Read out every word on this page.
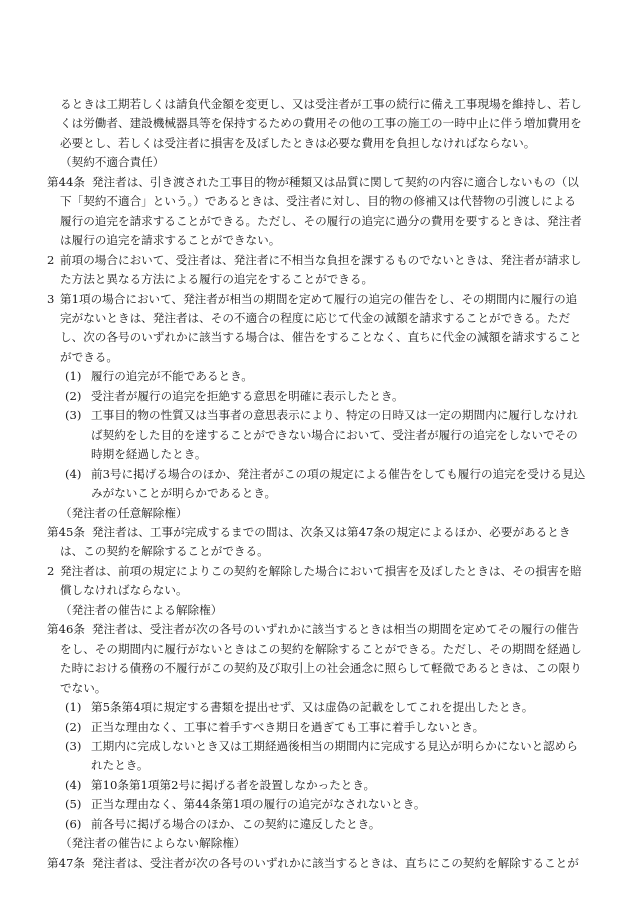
るときは工期若しくは請負代金額を変更し、又は受注者が工事の続行に備え工事現場を維持し、若しくは労働者、建設機械器具等を保持するための費用その他の工事の施工の一時中止に伴う増加費用を必要とし、若しくは受注者に損害を及ぼしたときは必要な費用を負担しなければならない。

（契約不適合責任）

第44条 発注者は、引き渡された工事目的物が種類又は品質に関して契約の内容に適合しないもの（以下「契約不適合」という。）であるときは、受注者に対し、目的物の修補又は代替物の引渡しによる履行の追完を請求することができる。ただし、その履行の追完に過分の費用を要するときは、発注者は履行の追完を請求することができない。

2 前項の場合において、受注者は、発注者に不相当な負担を課するものでないときは、発注者が請求した方法と異なる方法による履行の追完をすることができる。

3 第1項の場合において、発注者が相当の期間を定めて履行の追完の催告をし、その期間内に履行の追完がないときは、発注者は、その不適合の程度に応じて代金の減額を請求することができる。ただし、次の各号のいずれかに該当する場合は、催告をすることなく、直ちに代金の減額を請求することができる。

(1) 履行の追完が不能であるとき。

(2) 受注者が履行の追完を拒絶する意思を明確に表示したとき。

(3) 工事目的物の性質又は当事者の意思表示により、特定の日時又は一定の期間内に履行しなければ契約をした目的を達することができない場合において、受注者が履行の追完をしないでその時期を経過したとき。

(4) 前3号に掲げる場合のほか、発注者がこの項の規定による催告をしても履行の追完を受ける見込みがないことが明らかであるとき。

（発注者の任意解除権）

第45条 発注者は、工事が完成するまでの間は、次条又は第47条の規定によるほか、必要があるときは、この契約を解除することができる。

2 発注者は、前項の規定によりこの契約を解除した場合において損害を及ぼしたときは、その損害を賠償しなければならない。

（発注者の催告による解除権）

第46条 発注者は、受注者が次の各号のいずれかに該当するときは相当の期間を定めてその履行の催告をし、その期間内に履行がないときはこの契約を解除することができる。ただし、その期間を経過した時における債務の不履行がこの契約及び取引上の社会通念に照らして軽微であるときは、この限りでない。

(1) 第5条第4項に規定する書類を提出せず、又は虚偽の記載をしてこれを提出したとき。

(2) 正当な理由なく、工事に着手すべき期日を過ぎても工事に着手しないとき。

(3) 工期内に完成しないとき又は工期経過後相当の期間内に完成する見込が明らかにないと認められたとき。

(4) 第10条第1項第2号に掲げる者を設置しなかったとき。

(5) 正当な理由なく、第44条第1項の履行の追完がなされないとき。

(6) 前各号に掲げる場合のほか、この契約に違反したとき。

（発注者の催告によらない解除権）

第47条 発注者は、受注者が次の各号のいずれかに該当するときは、直ちにこの契約を解除することが
